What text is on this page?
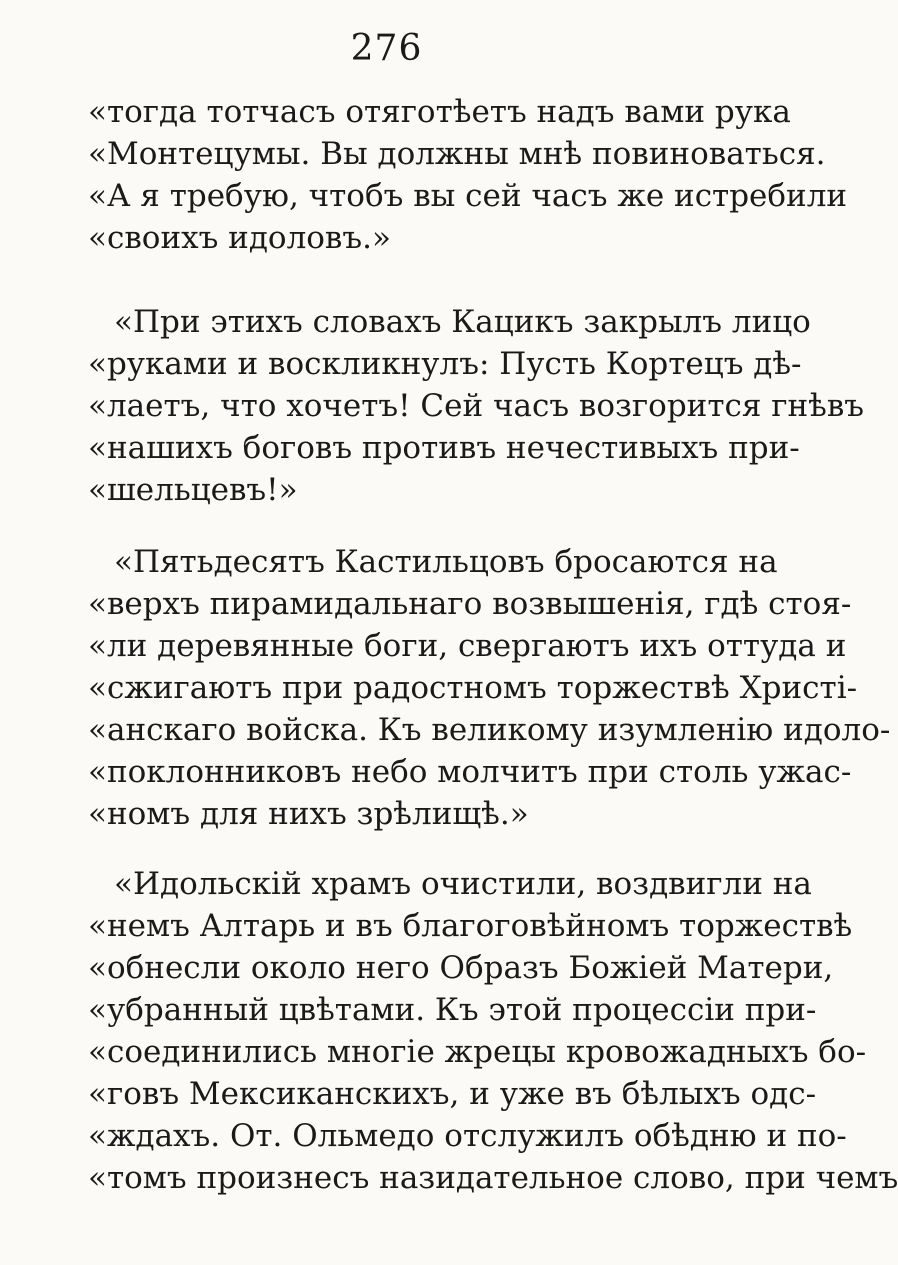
276
«тогда тотчасъ отяготѣетъ надъ вами рука
«Монтецумы. Вы должны мнѣ повиноваться.
«А я требую, чтобъ вы сей часъ же истребили
«своихъ идоловъ.»
«При этихъ словахъ Кацикъ закрылъ лицо
«руками и воскликнулъ: Пусть Кортецъ дѣ-
«лаетъ, что хочетъ! Сей часъ возгорится гнѣвъ
«нашихъ боговъ противъ нечестивыхъ при-
«шельцевъ!»
«Пятьдесятъ Кастильцовъ бросаются на
«верхъ пирамидальнаго возвышенія, гдѣ стоя-
«ли деревянные боги, свергаютъ ихъ оттуда и
«сжигаютъ при радостномъ торжествѣ Христі-
«анскаго войска. Къ великому изумленію идоло-
«поклонниковъ небо молчитъ при столь ужас-
«номъ для нихъ зрѣлищѣ.»
«Идольскій храмъ очистили, воздвигли на
«немъ Алтарь и въ благоговѣйномъ торжествѣ
«обнесли около него Образъ Божіей Матери,
«убранный цвѣтами. Къ этой процессіи при-
«соединились многіе жрецы кровожадныхъ бо-
«говъ Мексиканскихъ, и уже въ бѣлыхъ одс-
«ждахъ. От. Ольмедо отслужилъ обѣдню и по-
«томъ произнесъ назидательное слово, при чемъ
